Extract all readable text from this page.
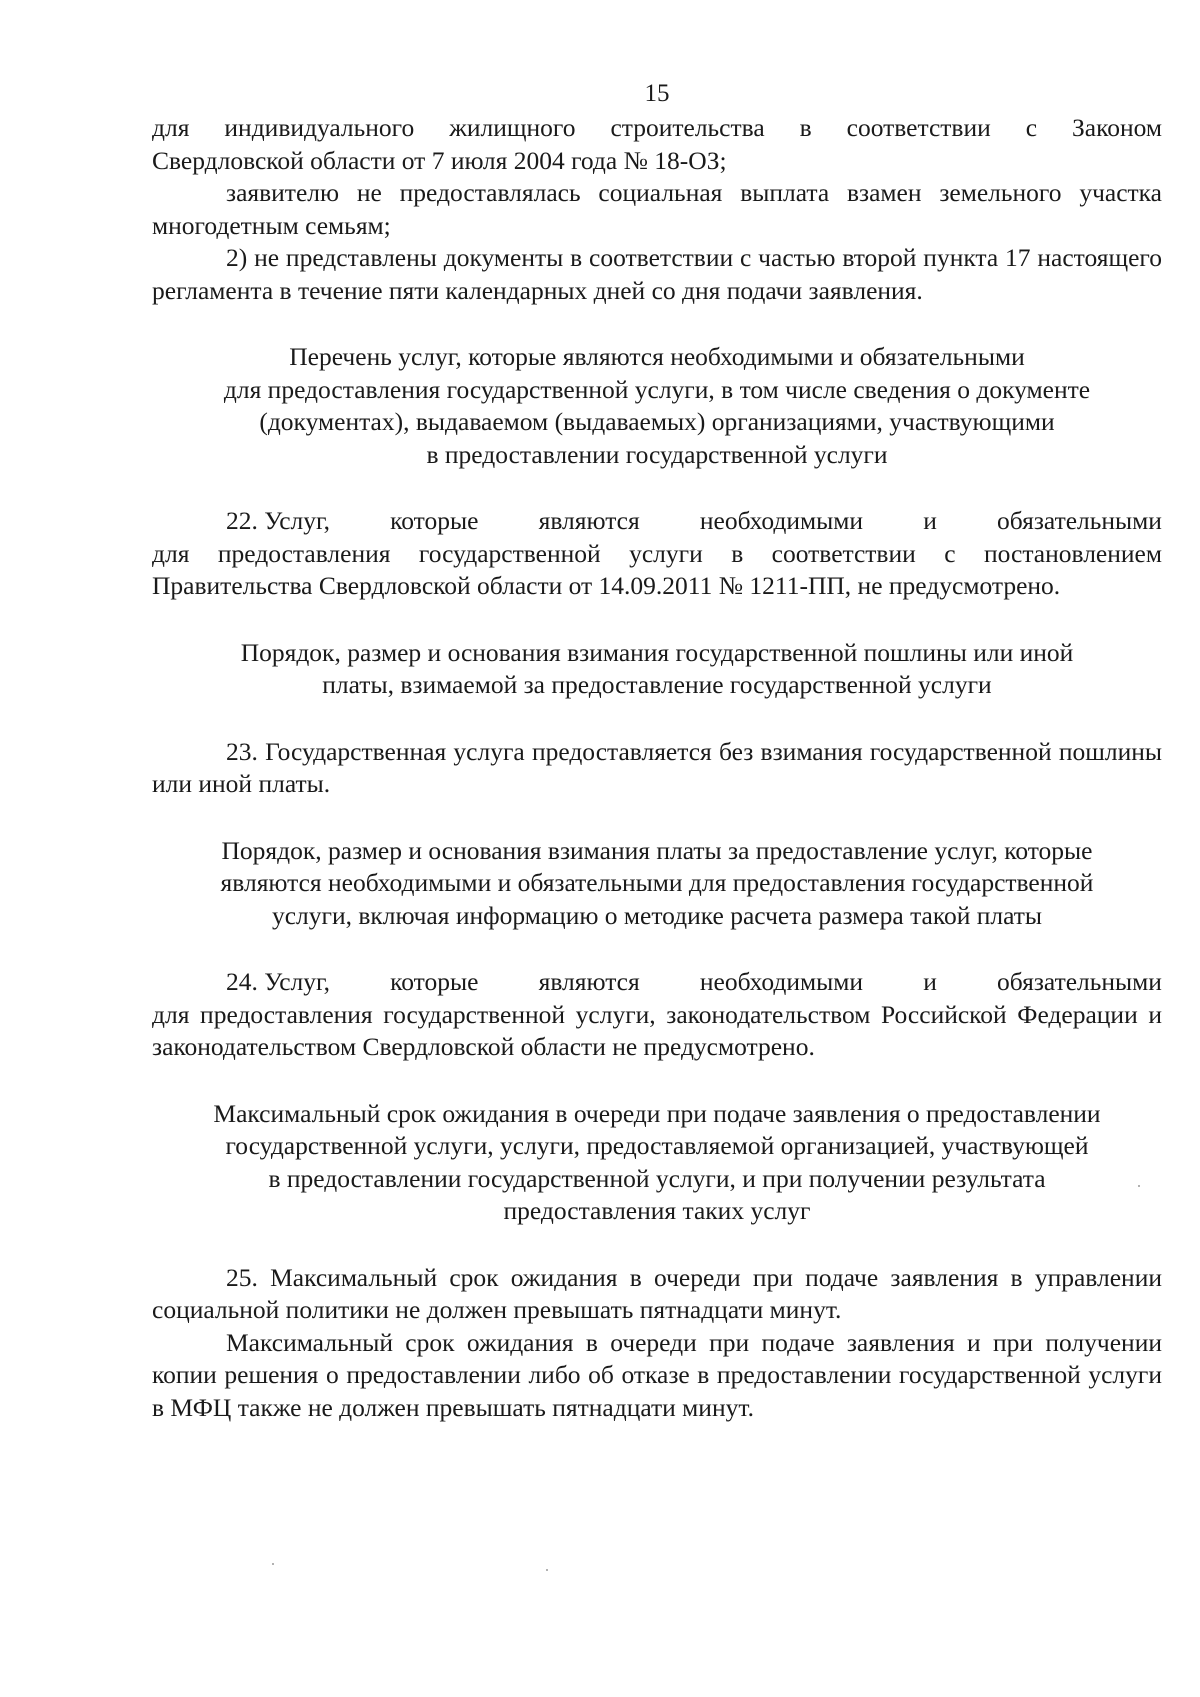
15

для индивидуального жилищного строительства в соответствии с Законом

Свердловской области от 7 июля 2004 года № 18-ОЗ;

заявителю не предоставлялась социальная выплата взамен земельного участка многодетным семьям;

2) не представлены документы в соответствии с частью второй пункта 17 настоящего регламента в течение пяти календарных дней со дня подачи заявления.

Перечень услуг, которые являются необходимыми и обязательными

для предоставления государственной услуги, в том числе сведения о документе

(документах), выдаваемом (выдаваемых) организациями, участвующими

в предоставлении государственной услуги

22. Услуг, которые являются необходимыми и обязательными

для предоставления государственной услуги в соответствии с постановлением Правительства Свердловской области от 14.09.2011 № 1211-ПП, не предусмотрено.

Порядок, размер и основания взимания государственной пошлины или иной

платы, взимаемой за предоставление государственной услуги

23. Государственная услуга предоставляется без взимания государственной пошлины или иной платы.

Порядок, размер и основания взимания платы за предоставление услуг, которые

являются необходимыми и обязательными для предоставления государственной

услуги, включая информацию о методике расчета размера такой платы

24. Услуг, которые являются необходимыми и обязательными

для предоставления государственной услуги, законодательством Российской Федерации и законодательством Свердловской области не предусмотрено.

Максимальный срок ожидания в очереди при подаче заявления о предоставлении

государственной услуги, услуги, предоставляемой организацией, участвующей

в предоставлении государственной услуги, и при получении результата

предоставления таких услуг

25. Максимальный срок ожидания в очереди при подаче заявления в управлении социальной политики не должен превышать пятнадцати минут.

Максимальный срок ожидания в очереди при подаче заявления и при получении копии решения о предоставлении либо об отказе в предоставлении государственной услуги в МФЦ также не должен превышать пятнадцати минут.
